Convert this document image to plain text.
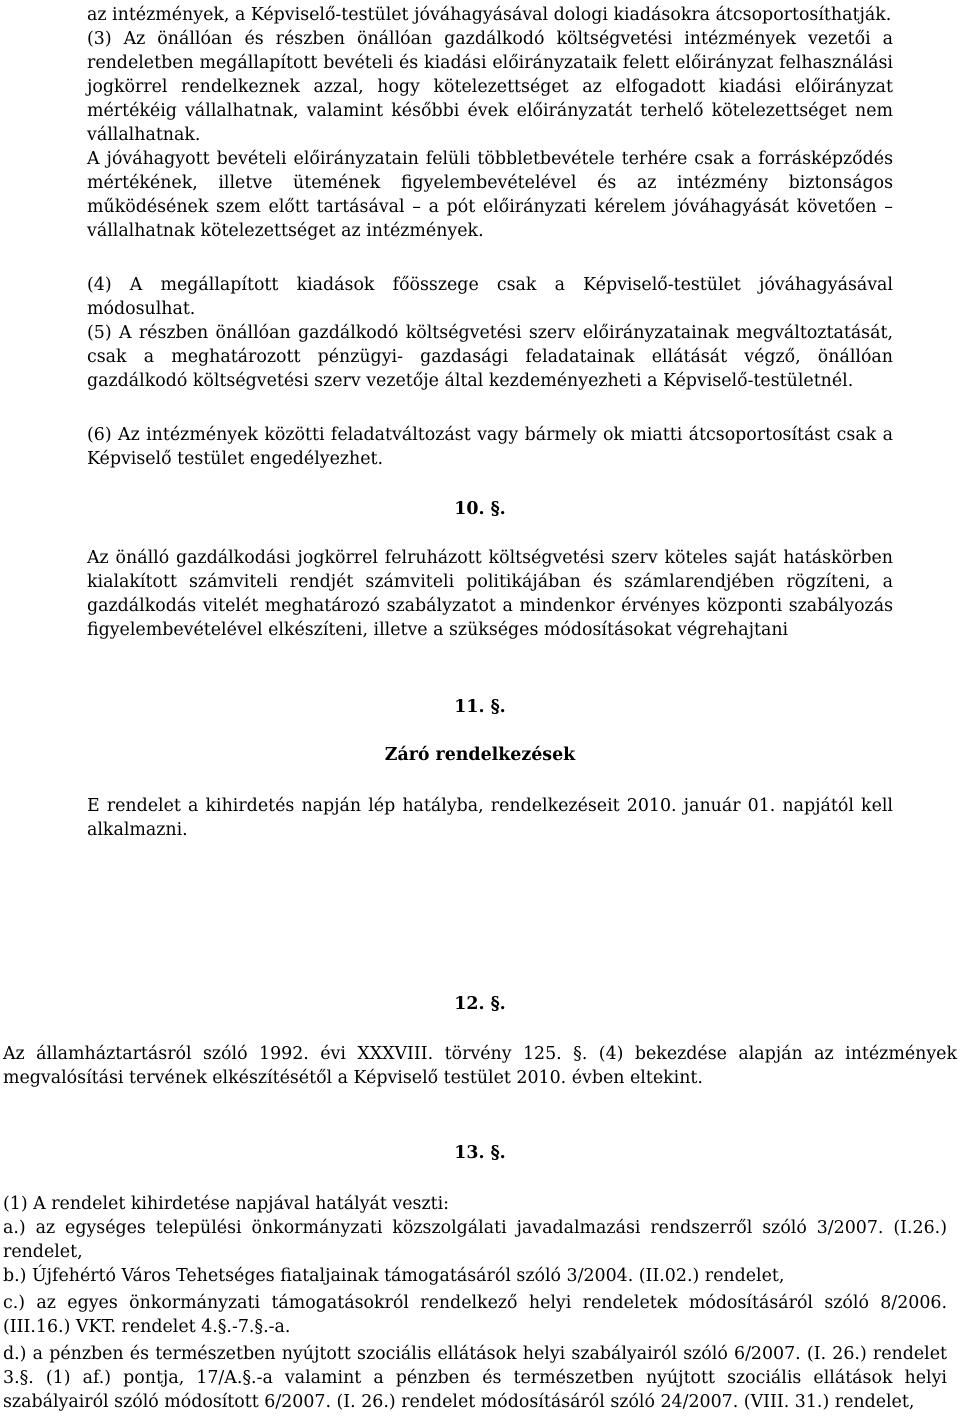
az intézmények, a Képviselő-testület jóváhagyásával dologi kiadásokra átcsoportosíthatják.

(3) Az önállóan és részben önállóan gazdálkodó költségvetési intézmények vezetői a rendeletben megállapított bevételi és kiadási előirányzataik felett előirányzat felhasználási jogkörrel rendelkeznek azzal, hogy kötelezettséget az elfogadott kiadási előirányzat mértékéig vállalhatnak, valamint későbbi évek előirányzatát terhelő kötelezettséget nem vállalhatnak.

A jóváhagyott bevételi előirányzatain felüli többletbevétele terhére csak a forrásképződés mértékének, illetve ütemének figyelembevételével és az intézmény biztonságos működésének szem előtt tartásával – a pót előirányzati kérelem jóváhagyását követően – vállalhatnak kötelezettséget az intézmények.

(4) A megállapított kiadások főösszege csak a Képviselő-testület jóváhagyásával módosulhat.

(5) A részben önállóan gazdálkodó költségvetési szerv előirányzatainak megváltoztatását, csak a meghatározott pénzügyi- gazdasági feladatainak ellátását végző, önállóan gazdálkodó költségvetési szerv vezetője által kezdeményezheti a Képviselő-testületnél.

(6) Az intézmények közötti feladatváltozást vagy bármely ok miatti átcsoportosítást csak a Képviselő testület engedélyezhet.

10. §.

Az önálló gazdálkodási jogkörrel felruházott költségvetési szerv köteles saját hatáskörben kialakított számviteli rendjét számviteli politikájában és számlarendjében rögzíteni, a gazdálkodás vitelét meghatározó szabályzatot a mindenkor érvényes központi szabályozás figyelembevételével elkészíteni, illetve a szükséges módosításokat végrehajtani

11. §.

Záró rendelkezések

E rendelet a kihirdetés napján lép hatályba, rendelkezéseit 2010. január 01. napjától kell alkalmazni.

12. §.

Az államháztartásról szóló 1992. évi XXXVIII. törvény 125. §. (4) bekezdése alapján az intézmények megvalósítási tervének elkészítésétől a Képviselő testület 2010. évben eltekint.

13. §.

(1) A rendelet kihirdetése napjával hatályát veszti:

a.) az egységes települési önkormányzati közszolgálati javadalmazási rendszerről szóló 3/2007. (I.26.) rendelet,

b.) Újfehértó Város Tehetséges fiataljainak támogatásáról szóló 3/2004. (II.02.) rendelet,

c.) az egyes önkormányzati támogatásokról rendelkező helyi rendeletek módosításáról szóló 8/2006.(III.16.) VKT. rendelet 4.§.-7.§.-a.

d.) a pénzben és természetben nyújtott szociális ellátások helyi szabályairól szóló 6/2007. (I. 26.) rendelet 3.§. (1) af.) pontja, 17/A.§.-a valamint a pénzben és természetben nyújtott szociális ellátások helyi szabályairól szóló módosított 6/2007. (I. 26.) rendelet módosításáról szóló 24/2007. (VIII. 31.) rendelet,
